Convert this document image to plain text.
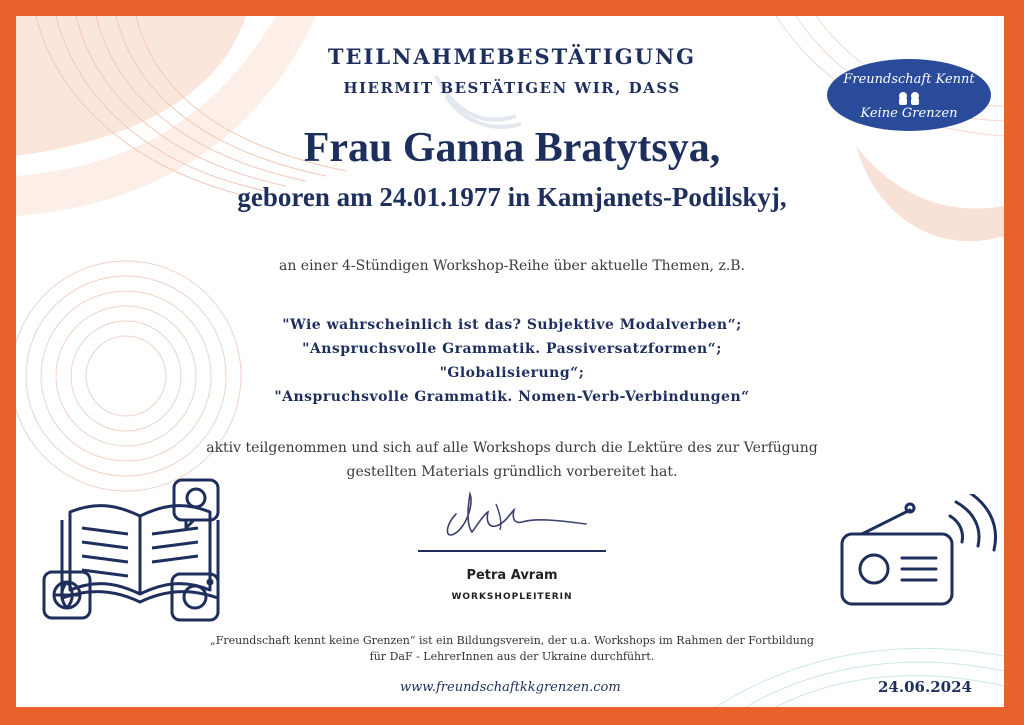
Freundschaft Kennt
Keine Grenzen
TEILNAHMEBESTÄTIGUNG
HIERMIT BESTÄTIGEN WIR, DASS
Frau Ganna Bratytsya,
geboren am 24.01.1977 in Kamjanets-Podilskyj,
an einer 4-Stündigen Workshop-Reihe über aktuelle Themen, z.B.
"Wie wahrscheinlich ist das? Subjektive Modalverben“;
"Anspruchsvolle Grammatik. Passiversatzformen“;
"Globalisierung“;
"Anspruchsvolle Grammatik. Nomen-Verb-Verbindungen“
aktiv teilgenommen und sich auf alle Workshops durch die Lektüre des zur Verfügung
gestellten Materials gründlich vorbereitet hat.
Petra Avram
WORKSHOPLEITERIN
„Freundschaft kennt keine Grenzen“ ist ein Bildungsverein, der u.a. Workshops im Rahmen der Fortbildung
für DaF - LehrerInnen aus der Ukraine durchführt.
www.freundschaftkkgrenzen.com	24.06.2024
